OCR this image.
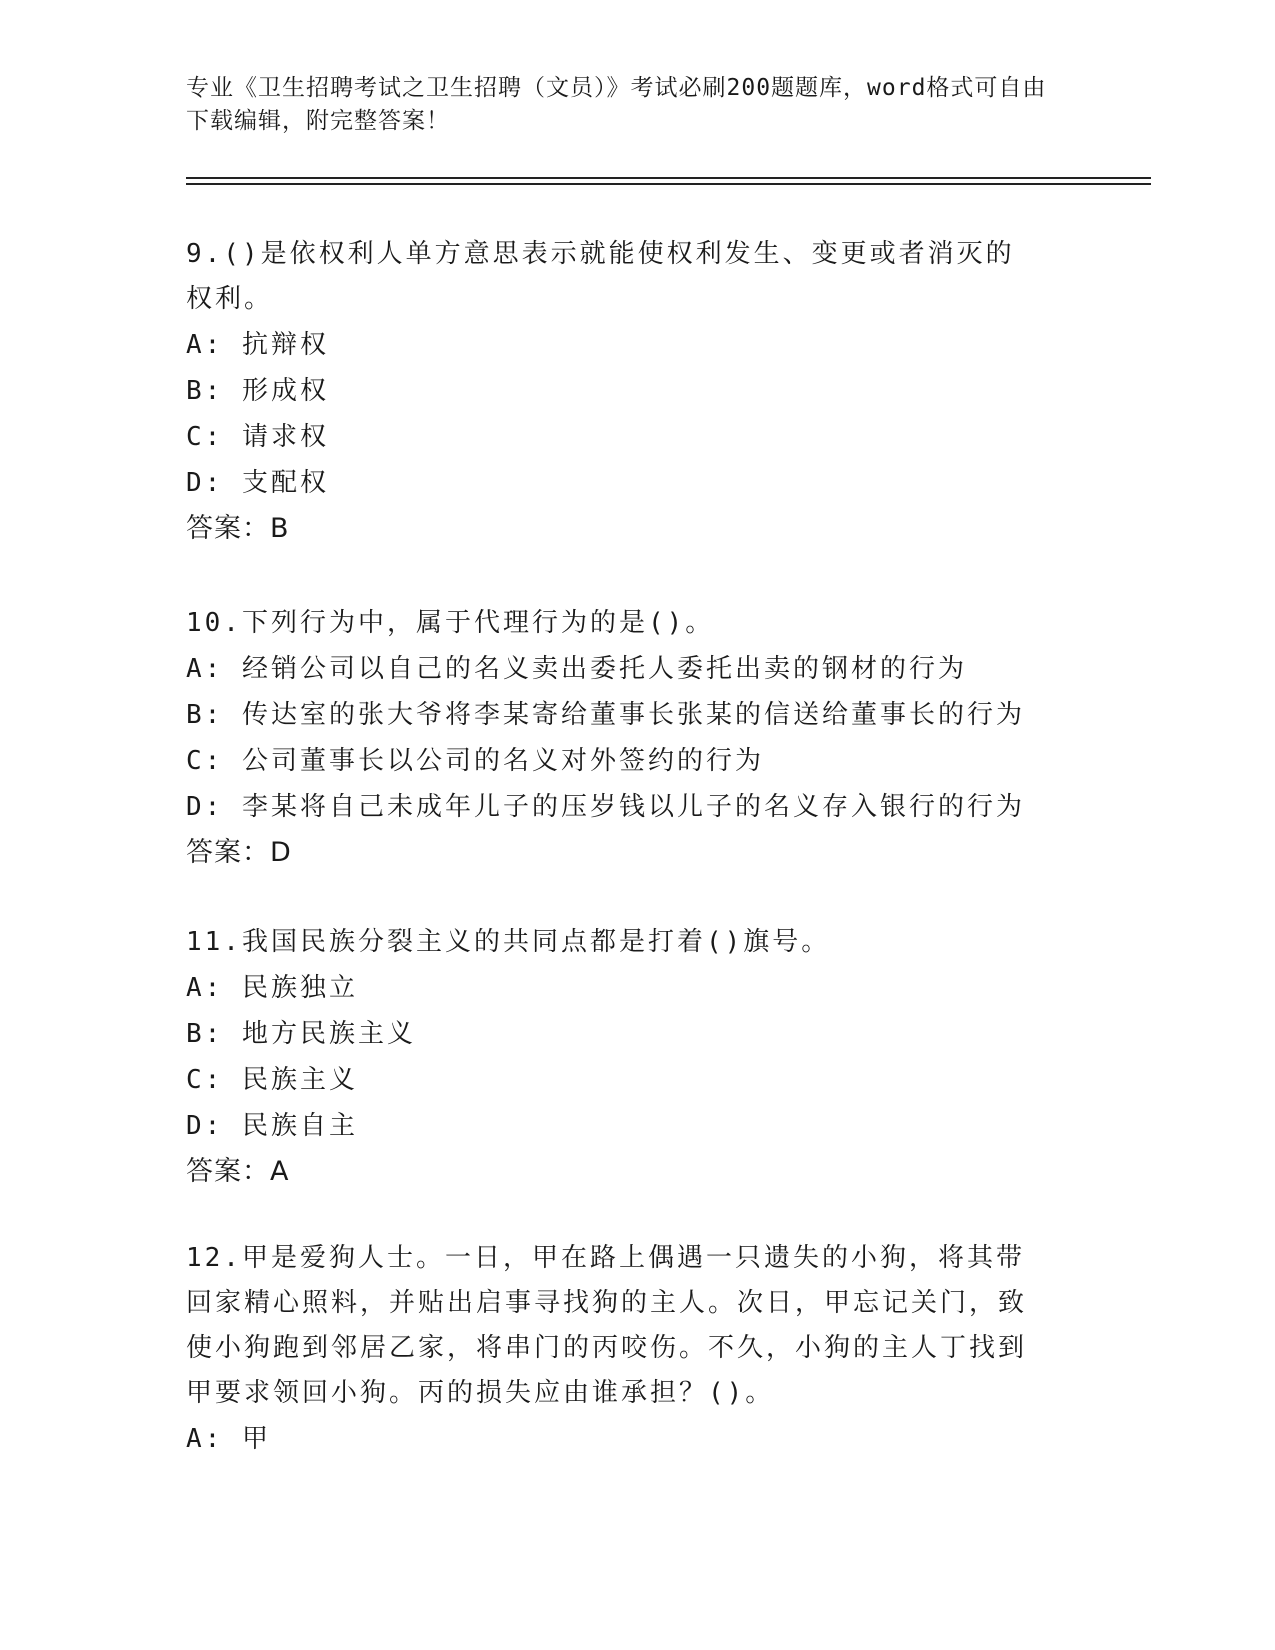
专业《卫生招聘考试之卫生招聘（文员）》考试必刷200题题库，word格式可自由下载编辑，附完整答案！
9.()是依权利人单方意思表示就能使权利发生、变更或者消灭的权利。
A: 抗辩权
B: 形成权
C: 请求权
D: 支配权
答案：B
10.下列行为中，属于代理行为的是()。
A: 经销公司以自己的名义卖出委托人委托出卖的钢材的行为
B: 传达室的张大爷将李某寄给董事长张某的信送给董事长的行为
C: 公司董事长以公司的名义对外签约的行为
D: 李某将自己未成年儿子的压岁钱以儿子的名义存入银行的行为
答案：D
11.我国民族分裂主义的共同点都是打着()旗号。
A: 民族独立
B: 地方民族主义
C: 民族主义
D: 民族自主
答案：A
12.甲是爱狗人士。一日，甲在路上偶遇一只遗失的小狗，将其带回家精心照料，并贴出启事寻找狗的主人。次日，甲忘记关门，致使小狗跑到邻居乙家，将串门的丙咬伤。不久，小狗的主人丁找到甲要求领回小狗。丙的损失应由谁承担？()。
A: 甲
